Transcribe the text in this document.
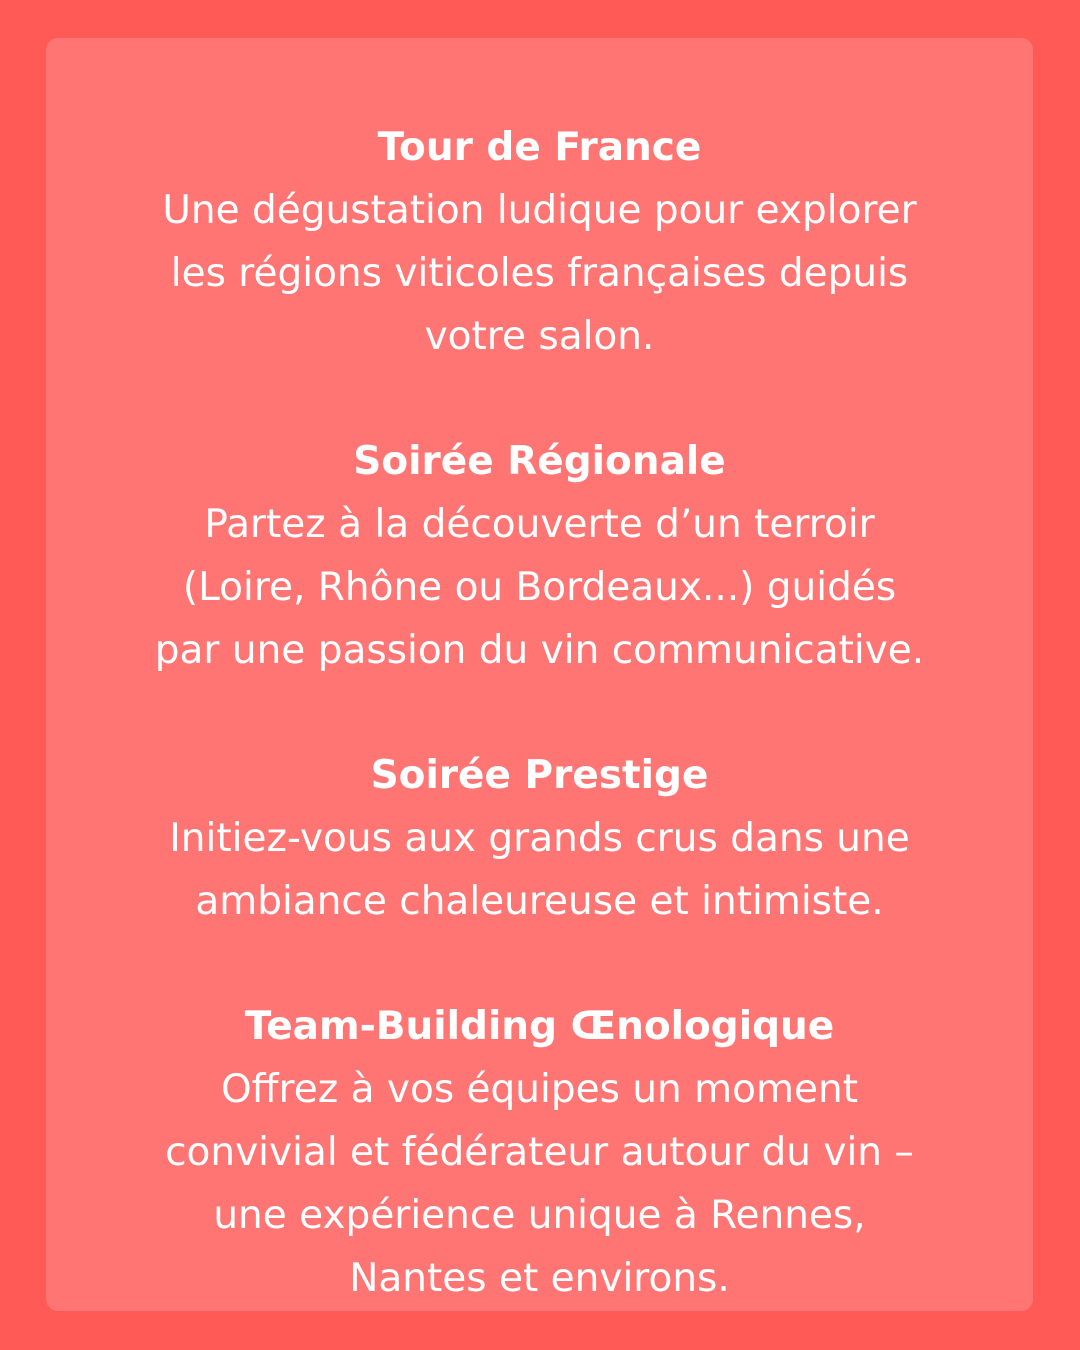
Tour de France
Une dégustation ludique pour explorer
les régions viticoles françaises depuis
votre salon.
Soirée Régionale
Partez à la découverte d’un terroir
(Loire, Rhône ou Bordeaux...) guidés
par une passion du vin communicative.
Soirée Prestige
Initiez-vous aux grands crus dans une
ambiance chaleureuse et intimiste.
Team-Building Œnologique
Offrez à vos équipes un moment
convivial et fédérateur autour du vin –
une expérience unique à Rennes,
Nantes et environs.
